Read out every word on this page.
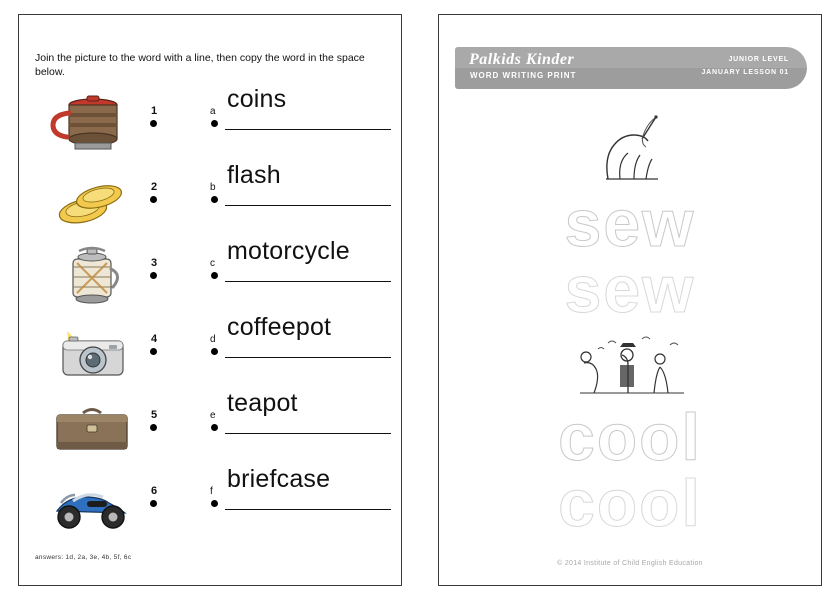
Join the picture to the word with a line, then copy the word in the space below.
1	a coins
2	b flash
3	c motorcycle
4	d coffeepot
5	e teapot
6	f briefcase
answers: 1d, 2a, 3e, 4b, 5f, 6c
Palkids Kinder
WORD WRITING PRINT
JUNIOR LEVEL
JANUARY LESSON 01
sew
sew
cool
cool
© 2014 Institute of Child English Education
